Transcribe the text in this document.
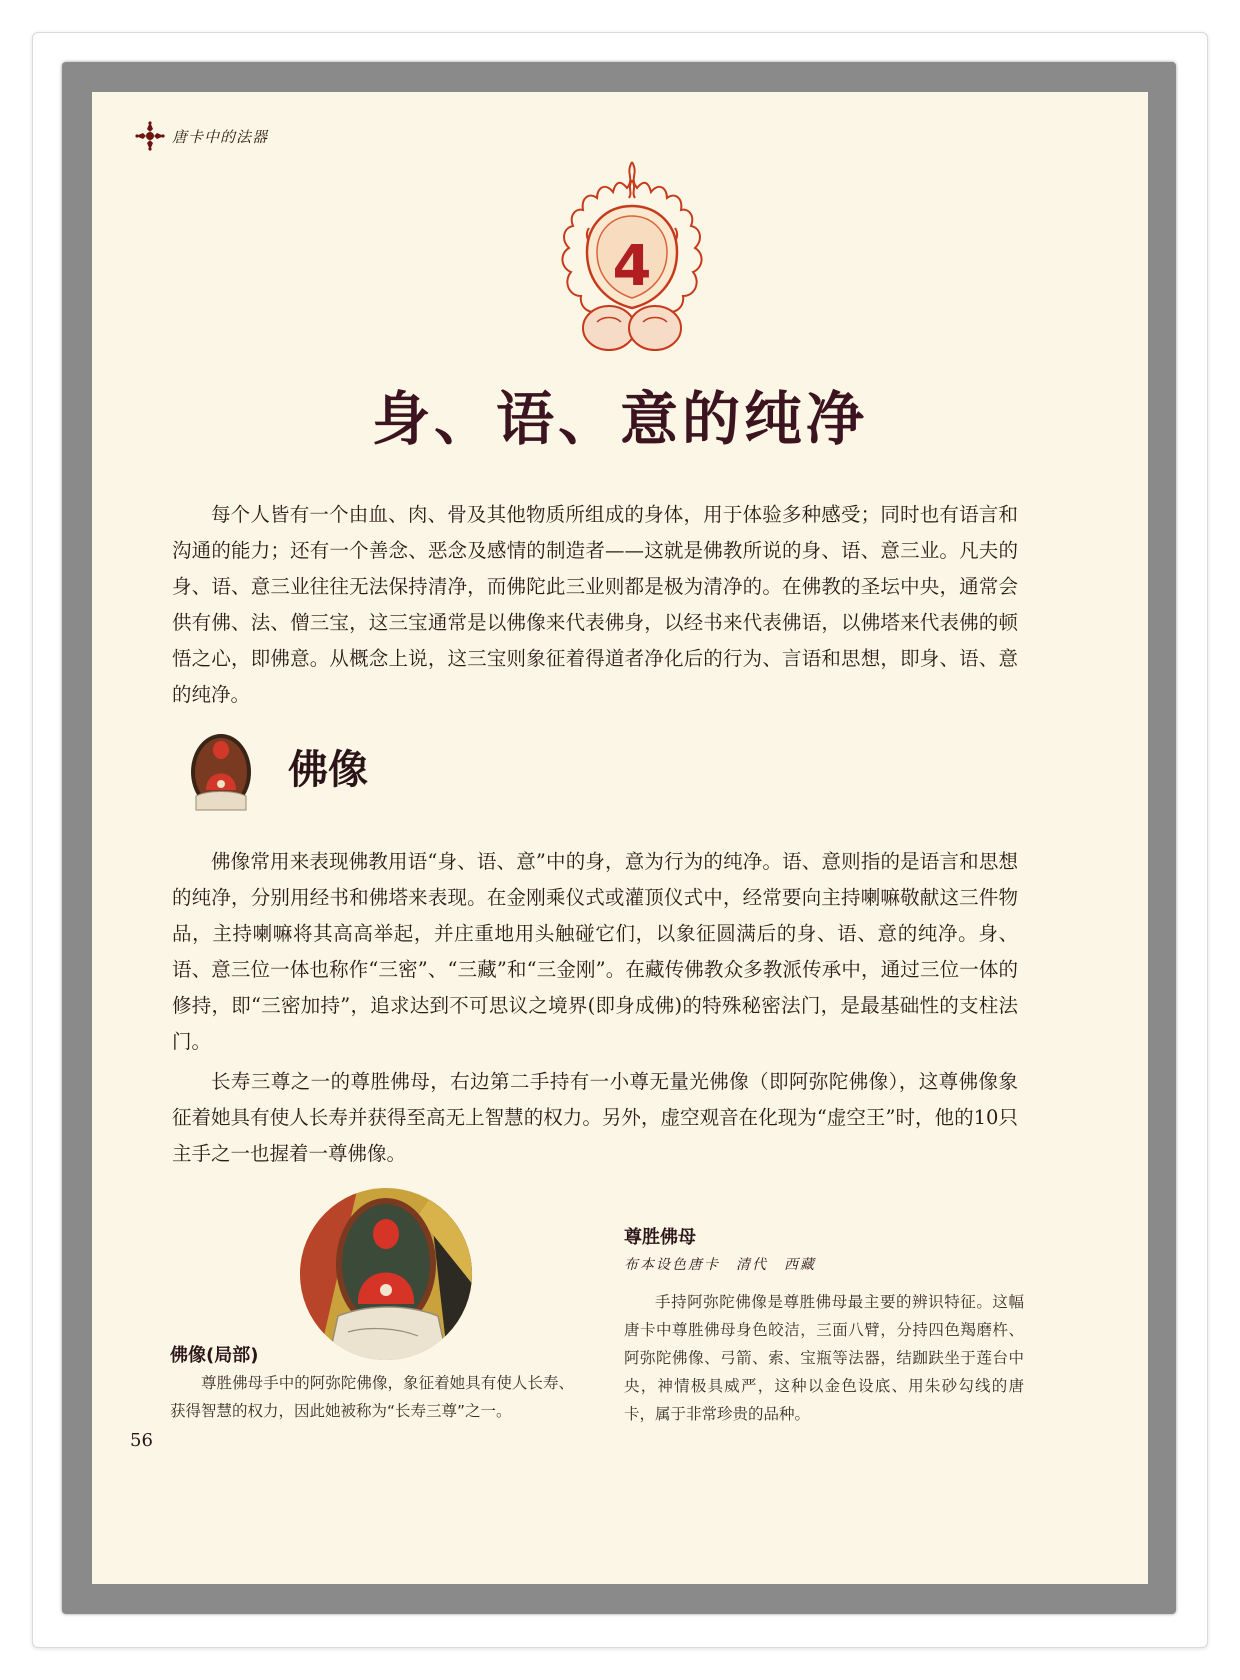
唐卡中的法器
4
身、语、意的纯净

每个人皆有一个由血、肉、骨及其他物质所组成的身体，用于体验多种感受；同时也有语言和沟通的能力；还有一个善念、恶念及感情的制造者——这就是佛教所说的身、语、意三业。凡夫的身、语、意三业往往无法保持清净，而佛陀此三业则都是极为清净的。在佛教的圣坛中央，通常会供有佛、法、僧三宝，这三宝通常是以佛像来代表佛身，以经书来代表佛语，以佛塔来代表佛的顿悟之心，即佛意。从概念上说，这三宝则象征着得道者净化后的行为、言语和思想，即身、语、意的纯净。

佛像

佛像常用来表现佛教用语“身、语、意”中的身，意为行为的纯净。语、意则指的是语言和思想的纯净，分别用经书和佛塔来表现。在金刚乘仪式或灌顶仪式中，经常要向主持喇嘛敬献这三件物品，主持喇嘛将其高高举起，并庄重地用头触碰它们，以象征圆满后的身、语、意的纯净。身、语、意三位一体也称作“三密”、“三藏”和“三金刚”。在藏传佛教众多教派传承中，通过三位一体的修持，即“三密加持”，追求达到不可思议之境界(即身成佛)的特殊秘密法门，是最基础性的支柱法门。

长寿三尊之一的尊胜佛母，右边第二手持有一小尊无量光佛像（即阿弥陀佛像），这尊佛像象征着她具有使人长寿并获得至高无上智慧的权力。另外，虚空观音在化现为“虚空王”时，他的10只主手之一也握着一尊佛像。

佛像(局部)

尊胜佛母手中的阿弥陀佛像，象征着她具有使人长寿、获得智慧的权力，因此她被称为“长寿三尊”之一。

尊胜佛母
布本设色唐卡　清代　西藏

手持阿弥陀佛像是尊胜佛母最主要的辨识特征。这幅唐卡中尊胜佛母身色皎洁，三面八臂，分持四色羯磨杵、阿弥陀佛像、弓箭、索、宝瓶等法器，结跏趺坐于莲台中央，神情极具威严，这种以金色设底、用朱砂勾线的唐卡，属于非常珍贵的品种。

56
